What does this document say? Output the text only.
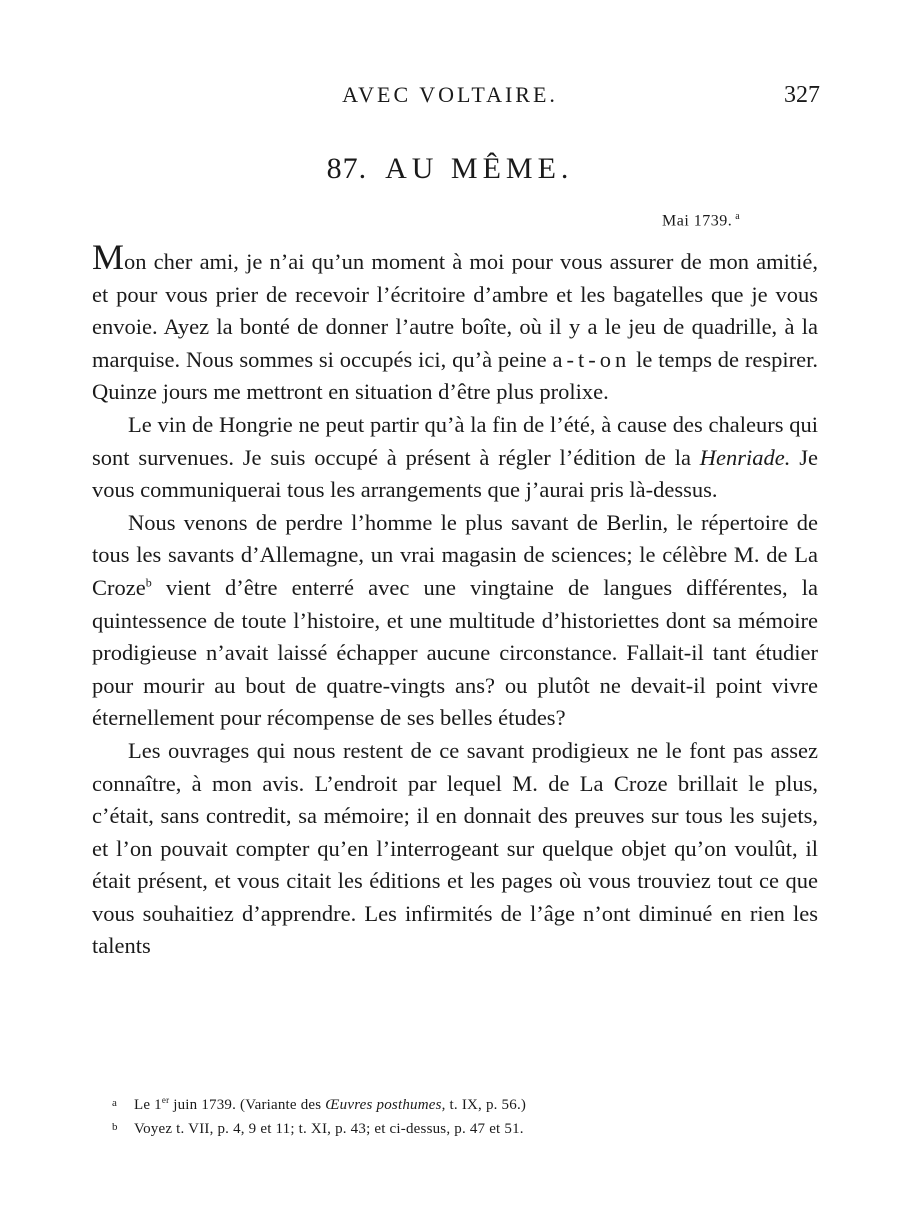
AVEC VOLTAIRE.	327
87. AU MÊME.
Mai 1739. $^a$

Mon cher ami, je n’ai qu’un moment à moi pour vous assurer de mon amitié, et pour vous prier de recevoir l’écritoire d’ambre et les bagatelles que je vous envoie. Ayez la bonté de donner l’autre boîte, où il y a le jeu de quadrille, à la marquise. Nous sommes si occupés ici, qu’à peine a-t-on le temps de respirer. Quinze jours me mettront en situation d’être plus prolixe.

Le vin de Hongrie ne peut partir qu’à la fin de l’été, à cause des chaleurs qui sont survenues. Je suis occupé à présent à régler l’édition de la Henriade. Je vous communiquerai tous les arrangements que j’aurai pris là-dessus.

Nous venons de perdre l’homme le plus savant de Berlin, le répertoire de tous les savants d’Allemagne, un vrai magasin de sciences; le célèbre M. de La Croze$^b$ vient d’être enterré avec une vingtaine de langues différentes, la quintessence de toute l’histoire, et une multitude d’historiettes dont sa mémoire prodigieuse n’avait laissé échapper aucune circonstance. Fallait-il tant étudier pour mourir au bout de quatre-vingts ans? ou plutôt ne devait-il point vivre éternellement pour récompense de ses belles études?

Les ouvrages qui nous restent de ce savant prodigieux ne le font pas assez connaître, à mon avis. L’endroit par lequel M. de La Croze brillait le plus, c’était, sans contredit, sa mémoire; il en donnait des preuves sur tous les sujets, et l’on pouvait compter qu’en l’interrogeant sur quelque objet qu’on voulût, il était présent, et vous citait les éditions et les pages où vous trouviez tout ce que vous souhaitiez d’apprendre. Les infirmités de l’âge n’ont diminué en rien les talents

a Le 1er juin 1739. (Variante des Œuvres posthumes, t. IX, p. 56.)
b Voyez t. VII, p. 4, 9 et 11; t. XI, p. 43; et ci-dessus, p. 47 et 51.
